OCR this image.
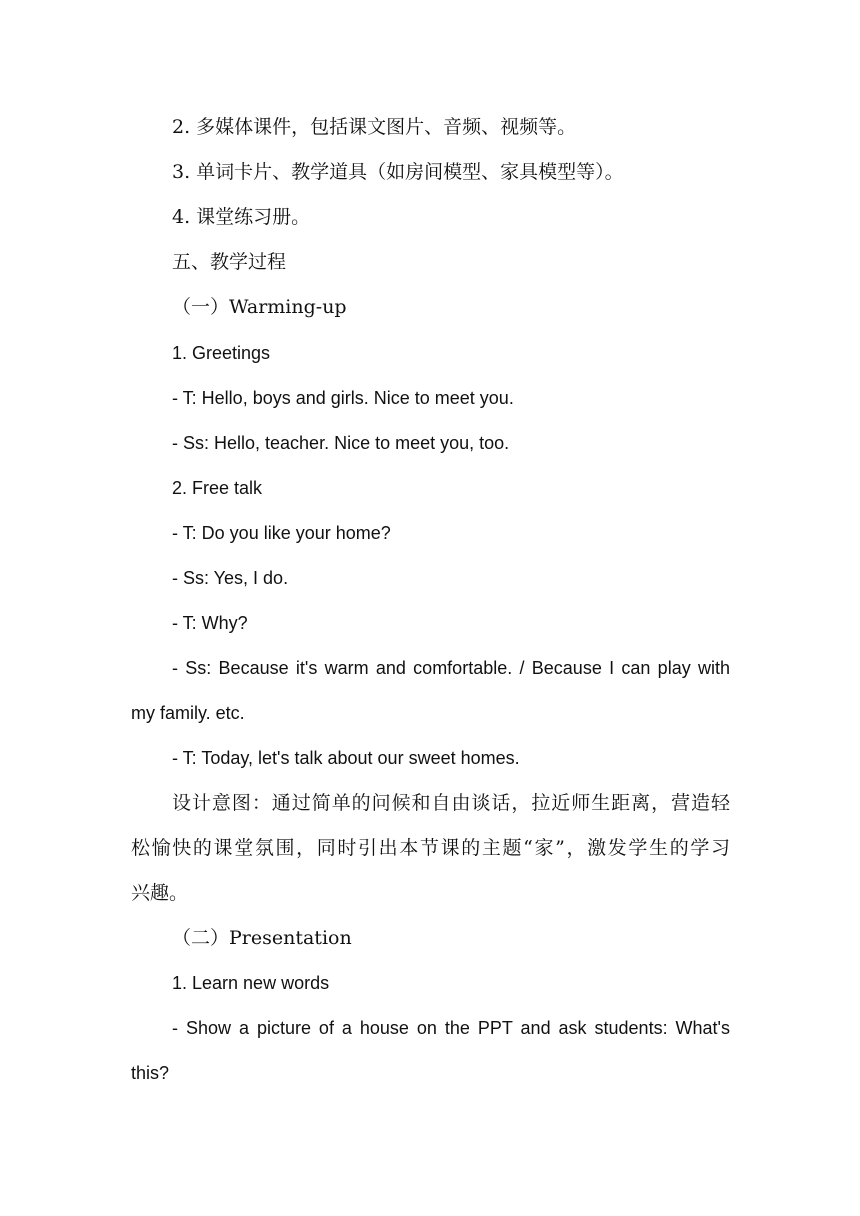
2. 多媒体课件，包括课文图片、音频、视频等。
3. 单词卡片、教学道具（如房间模型、家具模型等）。
4. 课堂练习册。
五、教学过程
（一）Warming-up
1. Greetings
- T: Hello, boys and girls. Nice to meet you.
- Ss: Hello, teacher. Nice to meet you, too.
2. Free talk
- T: Do you like your home?
- Ss: Yes, I do.
- T: Why?
- Ss: Because it's warm and comfortable. / Because I can play with
my family. etc.
- T: Today, let's talk about our sweet homes.
设计意图：通过简单的问候和自由谈话，拉近师生距离，营造轻
松愉快的课堂氛围，同时引出本节课的主题“家”，激发学生的学习
兴趣。
（二）Presentation
1. Learn new words
- Show a picture of a house on the PPT and ask students: What's
this?
